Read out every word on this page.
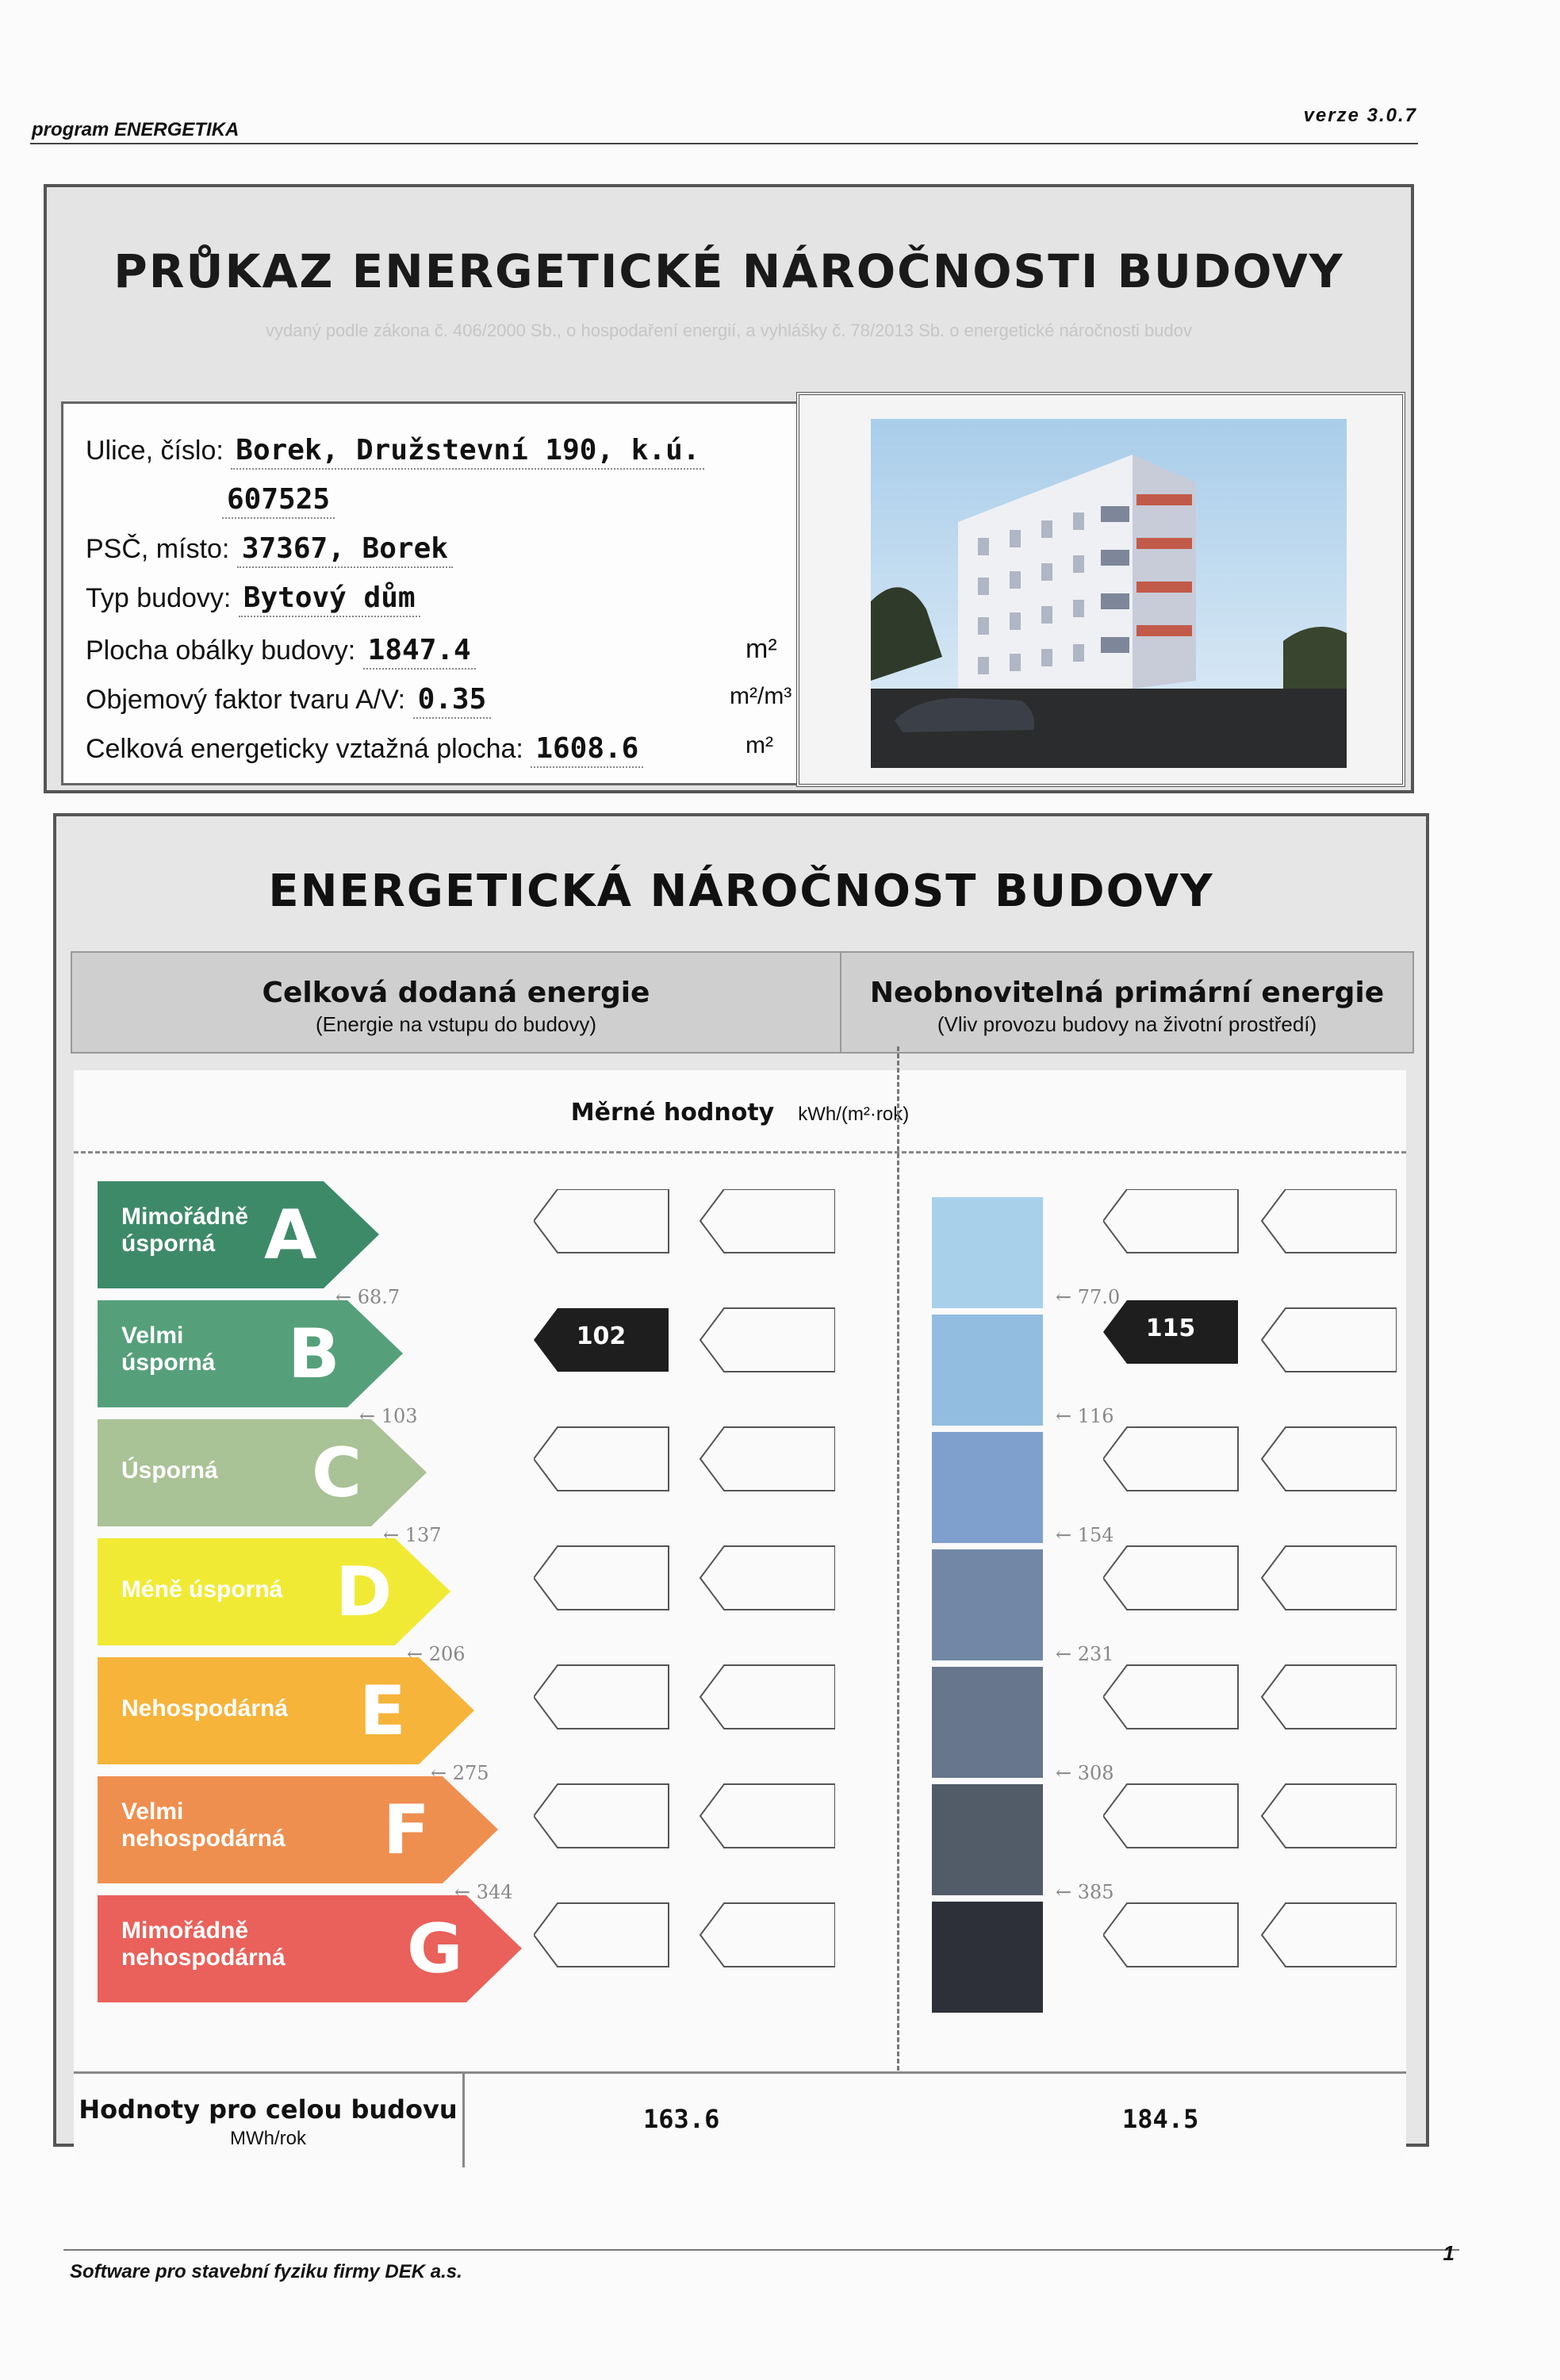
program ENERGETIKA
verze 3.0.7
PRŮKAZ ENERGETICKÉ NÁROČNOSTI BUDOVY
vydaný podle zákona č. 406/2000 Sb., o hospodaření energií, a vyhlášky č. 78/2013 Sb. o energetické náročnosti budov
Ulice, číslo: Borek, Družstevní 190, k.ú.
607525
PSČ, místo: 37367, Borek
Typ budovy: Bytový dům
Plocha obálky budovy: 1847.4	m²
Objemový faktor tvaru A/V: 0.35	m²/m³
Celková energeticky vztažná plocha: 1608.6	m²
ENERGETICKÁ NÁROČNOST BUDOVY
Celková dodaná energie
(Energie na vstupu do budovy)
Neobnovitelná primární energie
(Vliv provozu budovy na životní prostředí)
Měrné hodnoty kWh/(m²·rok)
Mimořádně
úsporná A
Velmi
úsporná B
Úsporná C
Méně úsporná D
Nehospodárná E
Velmi
nehospodárná F
Mimořádně
nehospodárná G
← 68.7
← 103
← 137
← 206
← 275
← 344
102
← 77.0
← 116
← 154
← 231
← 308
← 385
115
Hodnoty pro celou budovu
MWh/rok
163.6	184.5
Software pro stavební fyziku firmy DEK a.s.
1
